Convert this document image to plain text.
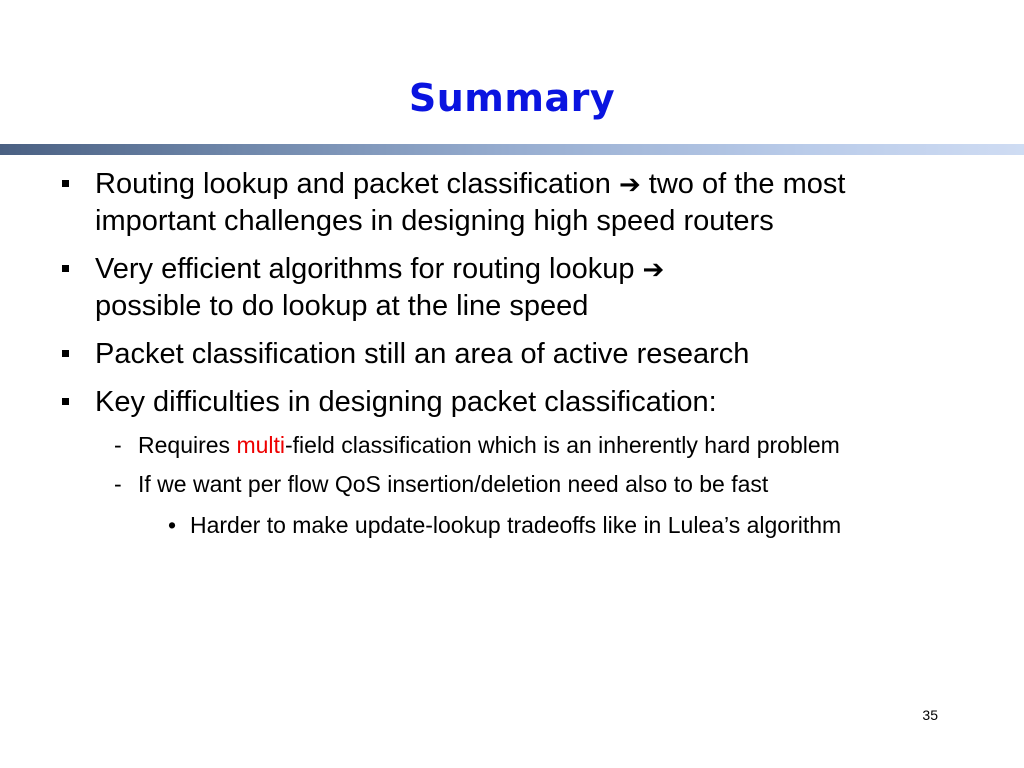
Summary
Routing lookup and packet classification ➔ two of the most important challenges in designing high speed routers
Very efficient algorithms for routing lookup ➔
possible to do lookup at the line speed
Packet classification still an area of active research
Key difficulties in designing packet classification:
- Requires multi-field classification which is an inherently hard problem
- If we want per flow QoS insertion/deletion need also to be fast
• Harder to make update-lookup tradeoffs like in Lulea’s algorithm
35
